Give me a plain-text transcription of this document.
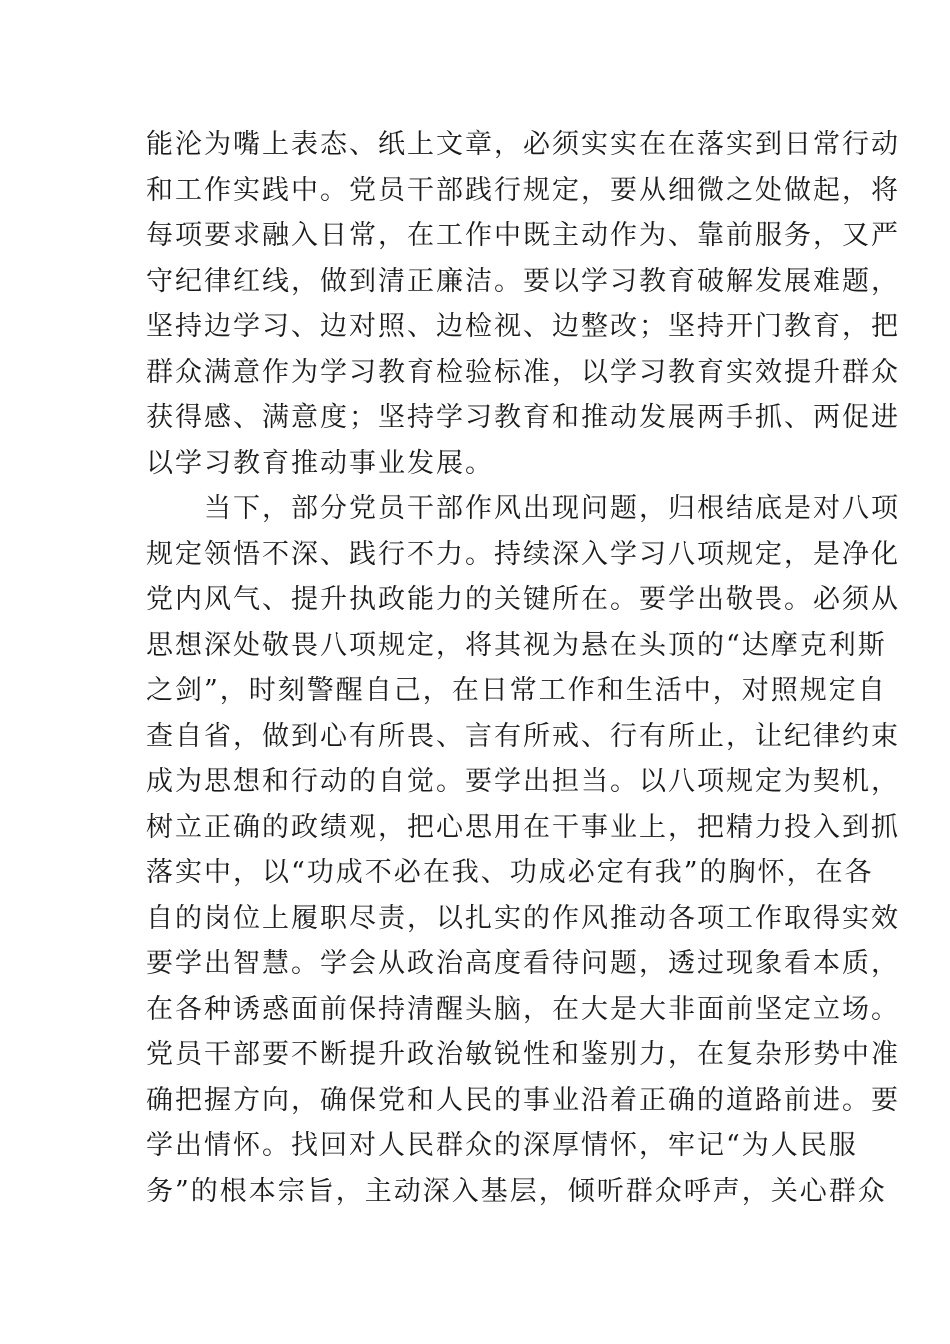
能沦为嘴上表态、纸上文章，必须实实在在落实到日常行动
和工作实践中。党员干部践行规定，要从细微之处做起，将
每项要求融入日常，在工作中既主动作为、靠前服务，又严
守纪律红线，做到清正廉洁。要以学习教育破解发展难题，
坚持边学习、边对照、边检视、边整改；坚持开门教育，把
群众满意作为学习教育检验标准，以学习教育实效提升群众
获得感、满意度；坚持学习教育和推动发展两手抓、两促进
以学习教育推动事业发展。
当下，部分党员干部作风出现问题，归根结底是对八项
规定领悟不深、践行不力。持续深入学习八项规定，是净化
党内风气、提升执政能力的关键所在。要学出敬畏。必须从
思想深处敬畏八项规定，将其视为悬在头顶的“达摩克利斯
之剑”，时刻警醒自己，在日常工作和生活中，对照规定自
查自省，做到心有所畏、言有所戒、行有所止，让纪律约束
成为思想和行动的自觉。要学出担当。以八项规定为契机，
树立正确的政绩观，把心思用在干事业上，把精力投入到抓
落实中，以“功成不必在我、功成必定有我”的胸怀，在各
自的岗位上履职尽责，以扎实的作风推动各项工作取得实效
要学出智慧。学会从政治高度看待问题，透过现象看本质，
在各种诱惑面前保持清醒头脑，在大是大非面前坚定立场。
党员干部要不断提升政治敏锐性和鉴别力，在复杂形势中准
确把握方向，确保党和人民的事业沿着正确的道路前进。要
学出情怀。找回对人民群众的深厚情怀，牢记“为人民服
务”的根本宗旨，主动深入基层，倾听群众呼声，关心群众
